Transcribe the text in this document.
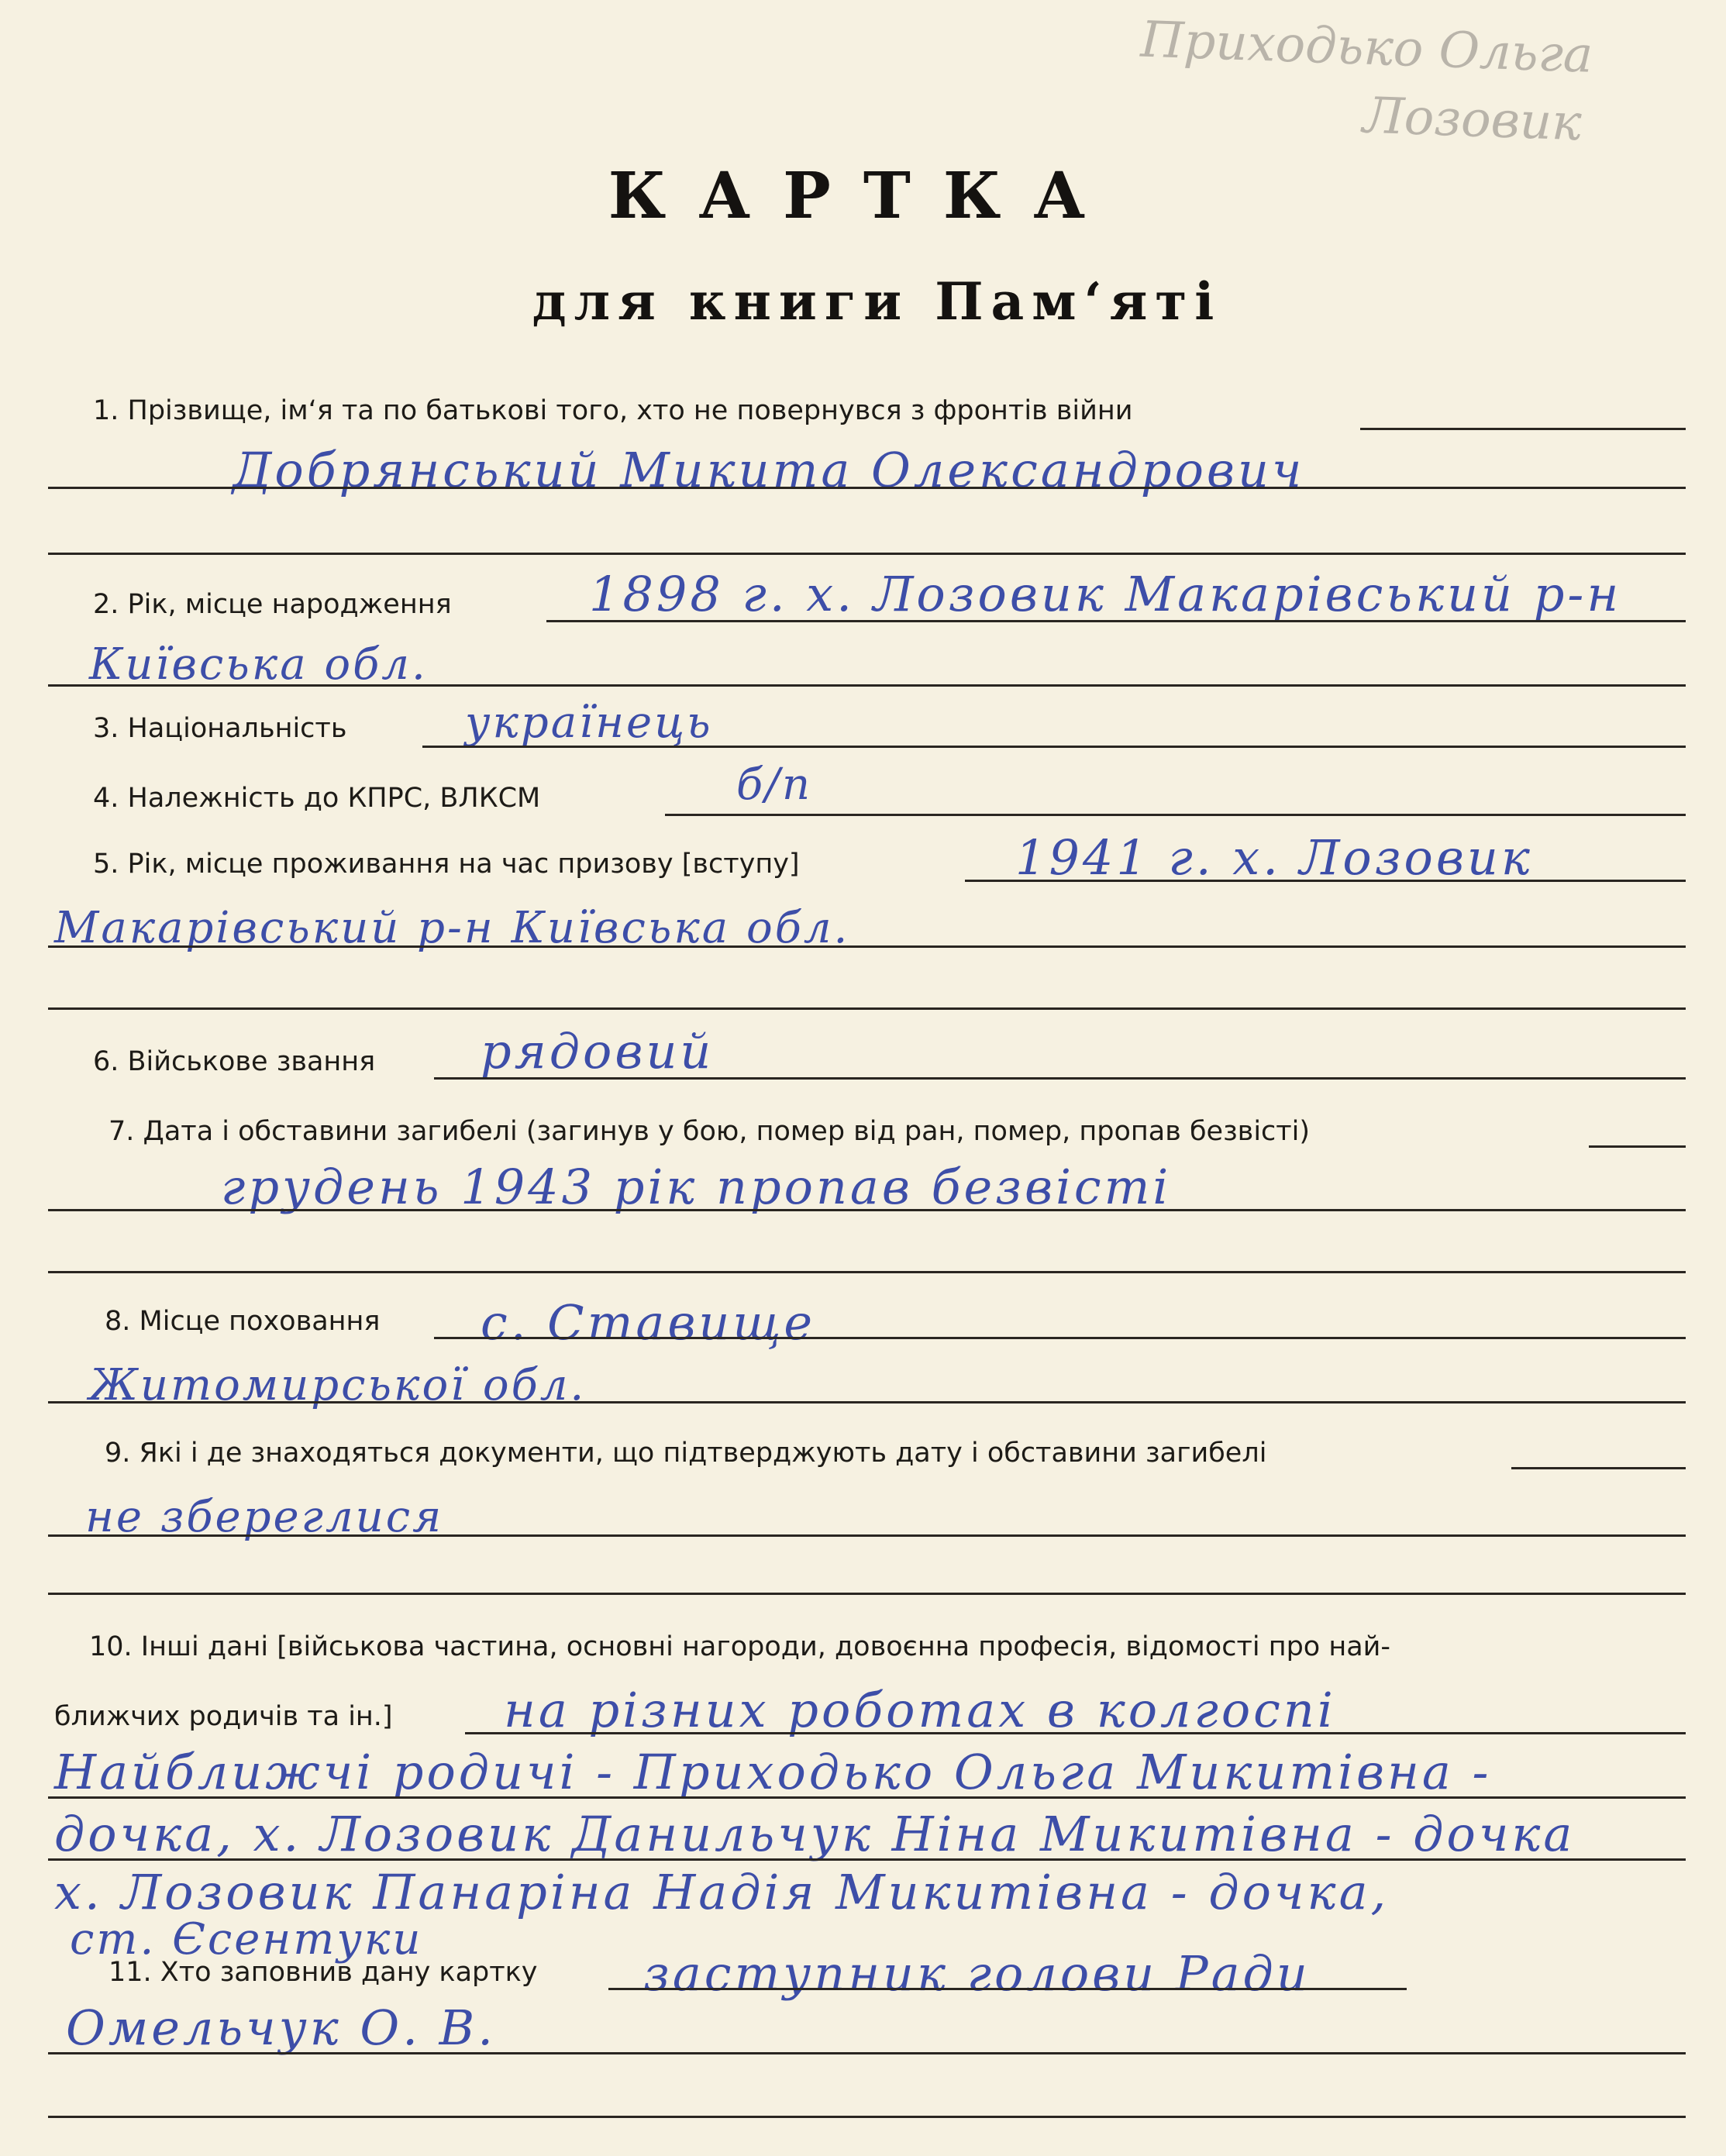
Приходько Ольга
Лозовик
КАРТКА
для книги Пам‘яті
1. Прізвище, ім‘я та по батькові того, хто не повернувся з фронтів війни
Добрянський Микита Олександрович
2. Рік, місце народження	1898 г. х. Лозовик Макарівський р-н
Київська обл.
3. Національність	українець
4. Належність до КПРС, ВЛКСМ	б/п
5. Рік, місце проживання на час призову [вступу]	1941 г. х. Лозовик
Макарівський р-н Київська обл.
6. Військове звання рядовий
7. Дата і обставини загибелі (загинув у бою, помер від ран, помер, пропав безвісті)
грудень 1943 рік пропав безвісті
8. Місце поховання с. Ставище
Житомирської обл.
9. Які і де знаходяться документи, що підтверджують дату і обставини загибелі
не збереглися
10. Інші дані [військова частина, основні нагороди, довоєнна професія, відомості про най-
ближчих родичів та ін.] на різних роботах в колгоспі
Найближчі родичі - Приходько Ольга Микитівна -
дочка, х. Лозовик Данильчук Ніна Микитівна - дочка
х. Лозовик Панаріна Надія Микитівна - дочка,
ст. Єсентуки
11. Хто заповнив дану картку заступник голови Ради
Омельчук О. В.
